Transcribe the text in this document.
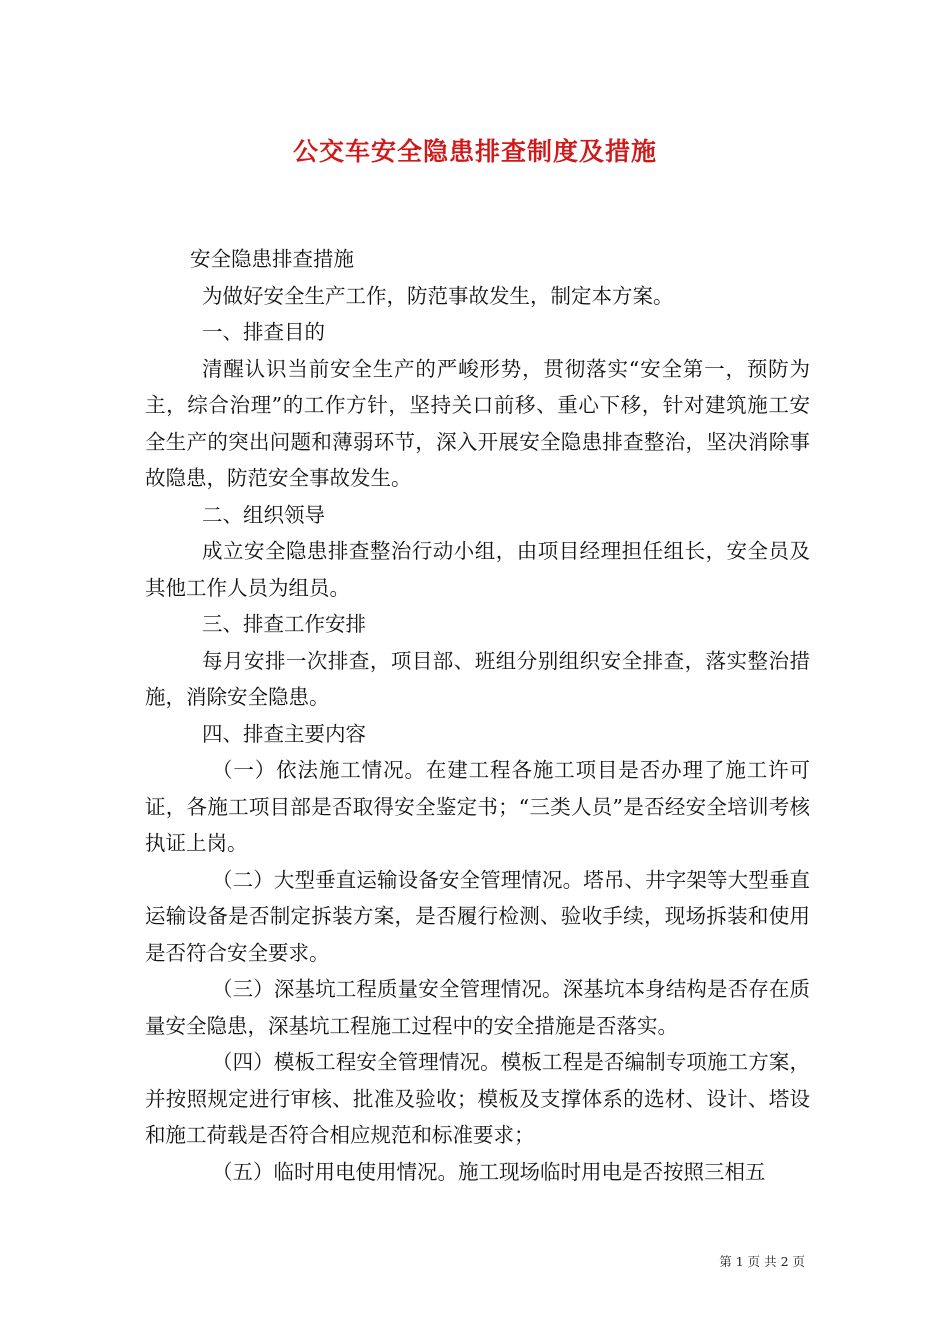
公交车安全隐患排查制度及措施

安全隐患排查措施

为做好安全生产工作，防范事故发生，制定本方案。

一、排查目的

清醒认识当前安全生产的严峻形势，贯彻落实“安全第一，预防为主，综合治理”的工作方针，坚持关口前移、重心下移，针对建筑施工安全生产的突出问题和薄弱环节，深入开展安全隐患排查整治，坚决消除事故隐患，防范安全事故发生。

二、组织领导

成立安全隐患排查整治行动小组，由项目经理担任组长，安全员及其他工作人员为组员。

三、排查工作安排

每月安排一次排查，项目部、班组分别组织安全排查，落实整治措施，消除安全隐患。

四、排查主要内容

（一）依法施工情况。在建工程各施工项目是否办理了施工许可证，各施工项目部是否取得安全鉴定书；“三类人员”是否经安全培训考核执证上岗。

（二）大型垂直运输设备安全管理情况。塔吊、井字架等大型垂直运输设备是否制定拆装方案，是否履行检测、验收手续，现场拆装和使用是否符合安全要求。

（三）深基坑工程质量安全管理情况。深基坑本身结构是否存在质量安全隐患，深基坑工程施工过程中的安全措施是否落实。

（四）模板工程安全管理情况。模板工程是否编制专项施工方案，并按照规定进行审核、批准及验收；模板及支撑体系的选材、设计、塔设和施工荷载是否符合相应规范和标准要求；

（五）临时用电使用情况。施工现场临时用电是否按照三相五

第 1 页 共 2 页
